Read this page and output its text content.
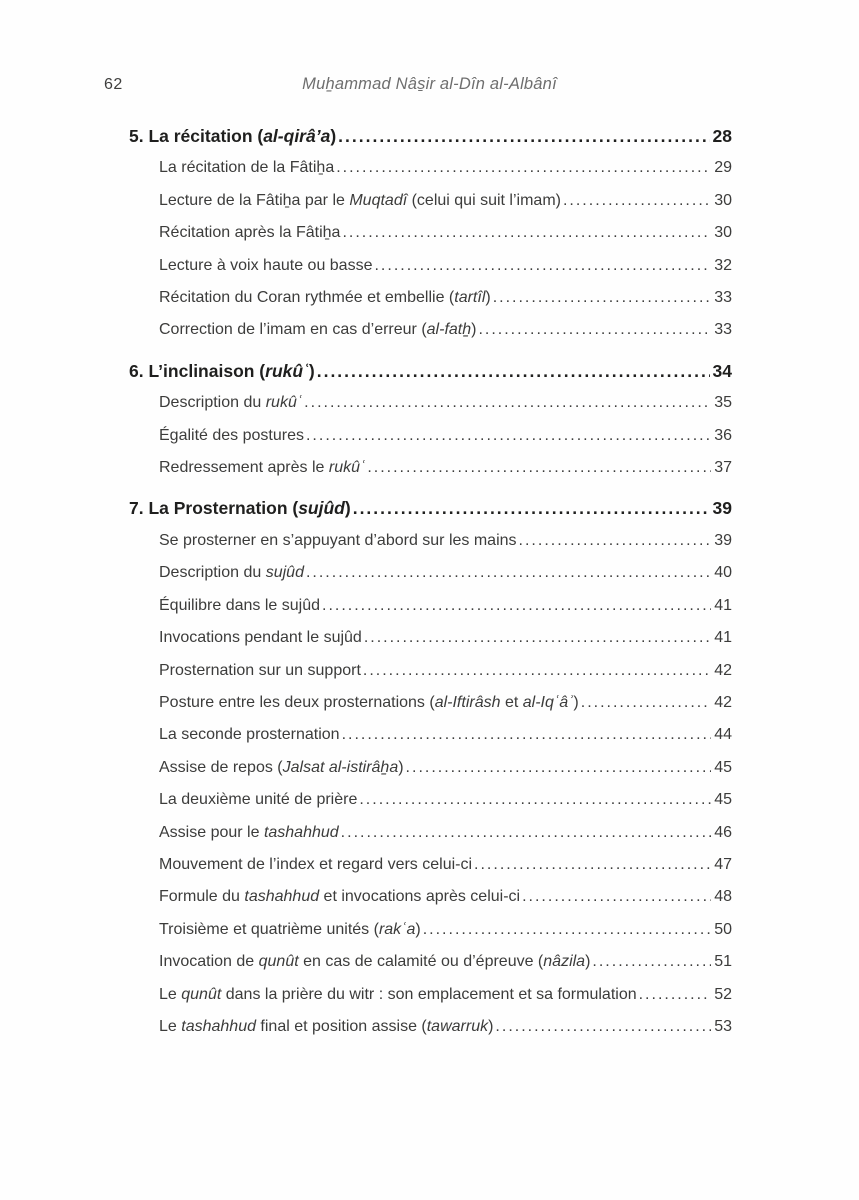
62	Muẖammad Nâs̱ir al-Dîn al-Albânî
5. La récitation (al-qirâ’a) .....	28
La récitation de la Fâtiẖa .....	29
Lecture de la Fâtiẖa par le Muqtadî (celui qui suit l’imam) .....	30
Récitation après la Fâtiẖa .....	30
Lecture à voix haute ou basse .....	32
Récitation du Coran rythmée et embellie (tartîl) .....	33
Correction de l’imam en cas d’erreur (al-fatẖ) .....	33
6. L’inclinaison (rukûʿ) .....	34
Description du rukûʿ .....	35
Égalité des postures .....	36
Redressement après le rukûʿ .....	37
7. La Prosternation (sujûd) .....	39
Se prosterner en s’appuyant d’abord sur les mains .....	39
Description du sujûd .....	40
Équilibre dans le sujûd .....	41
Invocations pendant le sujûd .....	41
Prosternation sur un support .....	42
Posture entre les deux prosternations (al-Iftirâsh et al-Iqʿâʾ) .....	42
La seconde prosternation .....	44
Assise de repos (Jalsat al-istirâẖa) .....	45
La deuxième unité de prière .....	45
Assise pour le tashahhud .....	46
Mouvement de l’index et regard vers celui-ci .....	47
Formule du tashahhud et invocations après celui-ci .....	48
Troisième et quatrième unités (rakʿa) .....	50
Invocation de qunût en cas de calamité ou d’épreuve (nâzila) .....	51
Le qunût dans la prière du witr : son emplacement et sa formulation .....	52
Le tashahhud final et position assise (tawarruk) .....	53
